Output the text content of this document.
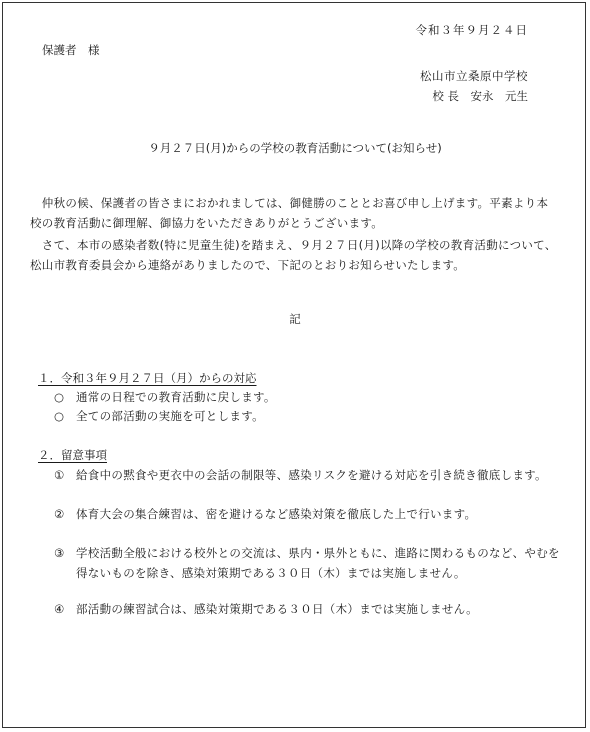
令和３年９月２４日
保護者　様
松山市立桑原中学校
校 長　安永　元生
９月２７日(月)からの学校の教育活動について(お知らせ)
　仲秋の候、保護者の皆さまにおかれましては、御健勝のこととお喜び申し上げます。平素より本校の教育活動に御理解、御協力をいただきありがとうございます。
　さて、本市の感染者数(特に児童生徒)を踏まえ、９月２７日(月)以降の学校の教育活動について、松山市教育委員会から連絡がありましたので、下記のとおりお知らせいたします。
記
１．令和３年９月２７日（月）からの対応
○	通常の日程での教育活動に戻します。
○	全ての部活動の実施を可とします。
２．留意事項
①	給食中の黙食や更衣中の会話の制限等、感染リスクを避ける対応を引き続き徹底します。
②	体育大会の集合練習は、密を避けるなど感染対策を徹底した上で行います。
③	学校活動全般における校外との交流は、県内・県外ともに、進路に関わるものなど、やむを得ないものを除き、感染対策期である３０日（木）までは実施しません。
④	部活動の練習試合は、感染対策期である３０日（木）までは実施しません。
